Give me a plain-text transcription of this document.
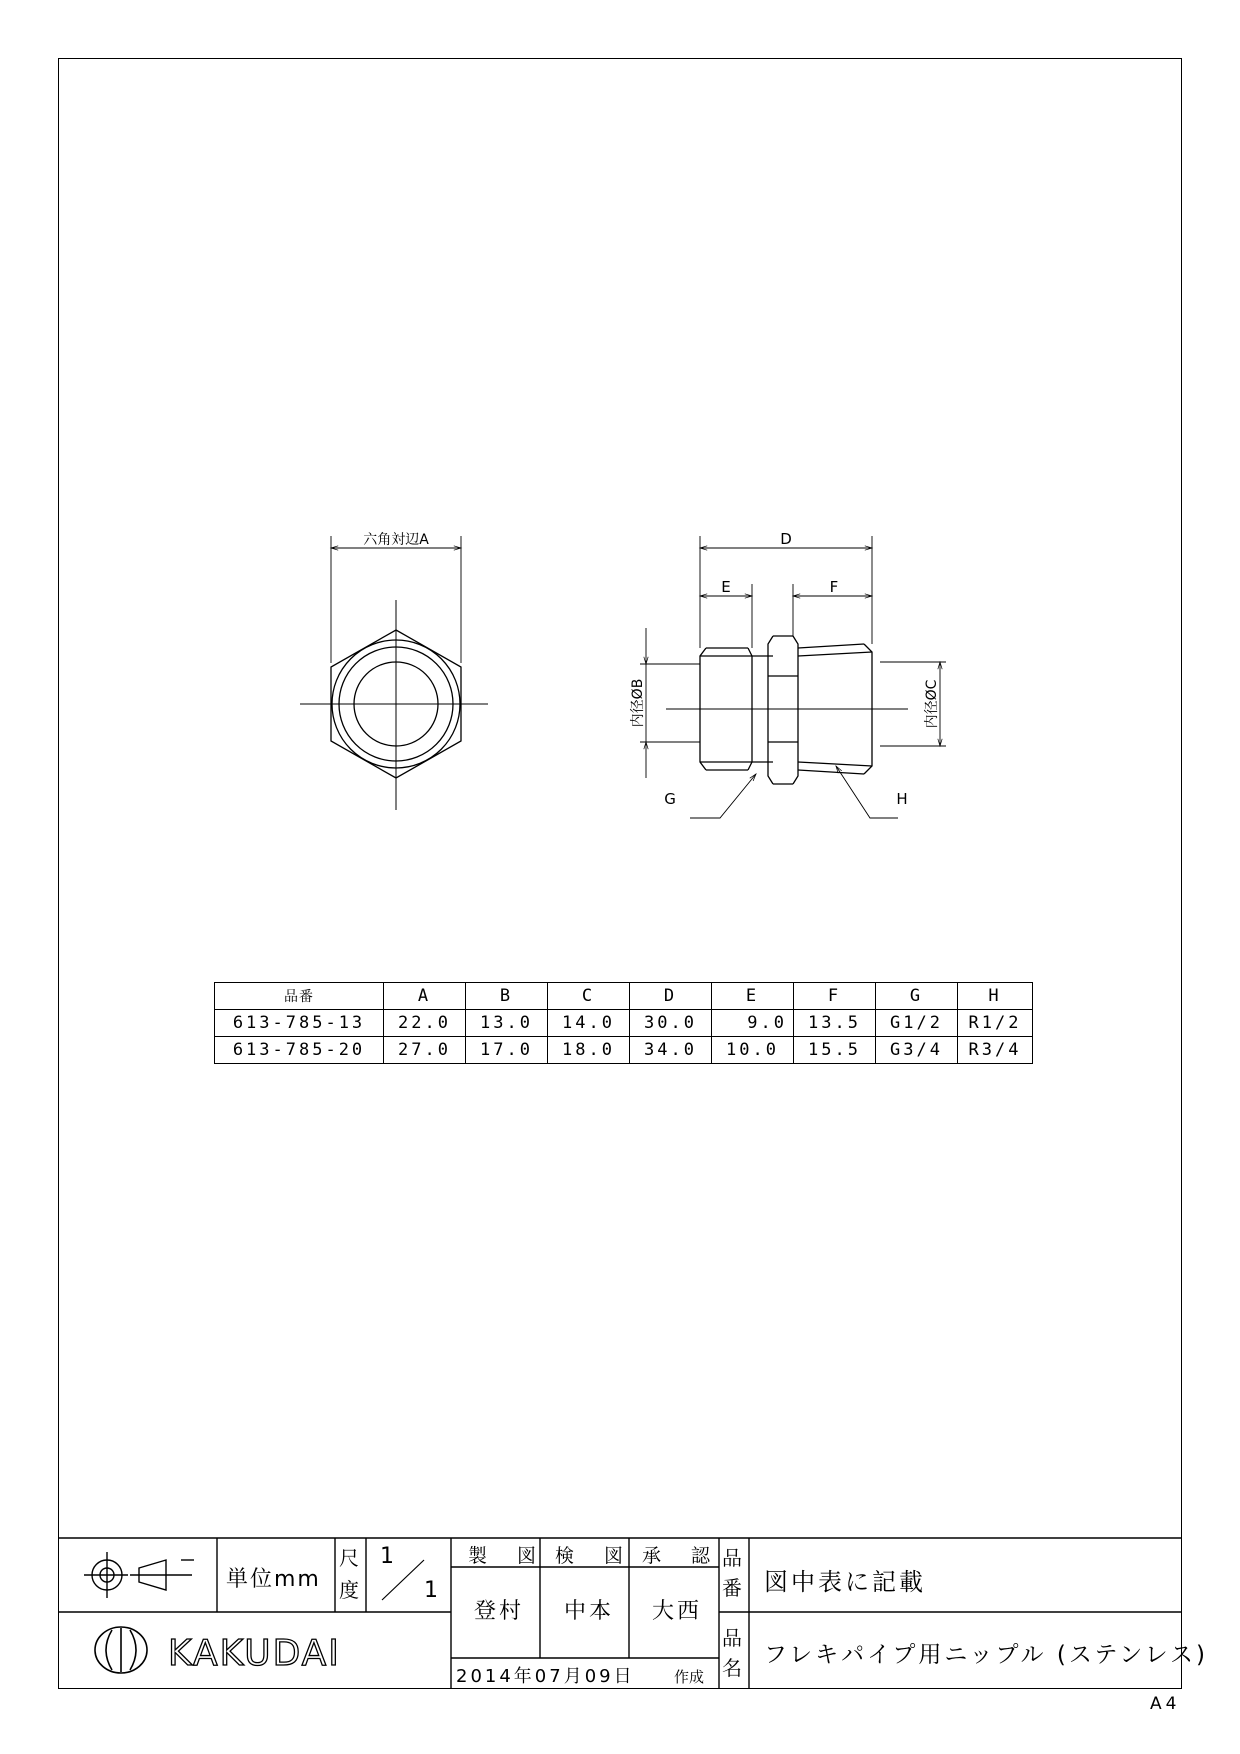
六角対辺A	D
E	F
内径ØB	内径ØC
G	H
品番	A	B	C	D	E	F	G	H
613-785-13	22.0	13.0	14.0	30.0	9.0	13.5	G1/2	R1/2
613-785-20	27.0	17.0	18.0	34.0	10.0	15.5	G3/4	R3/4
KAKUDAI
単位mm
尺
度
1
1
製 図 検 図 承 認
登村 中本 大西
2014年07月09日	作成
品
番 図中表に記載
品
名 フレキパイプ用ニップル (ステンレス)
A4
